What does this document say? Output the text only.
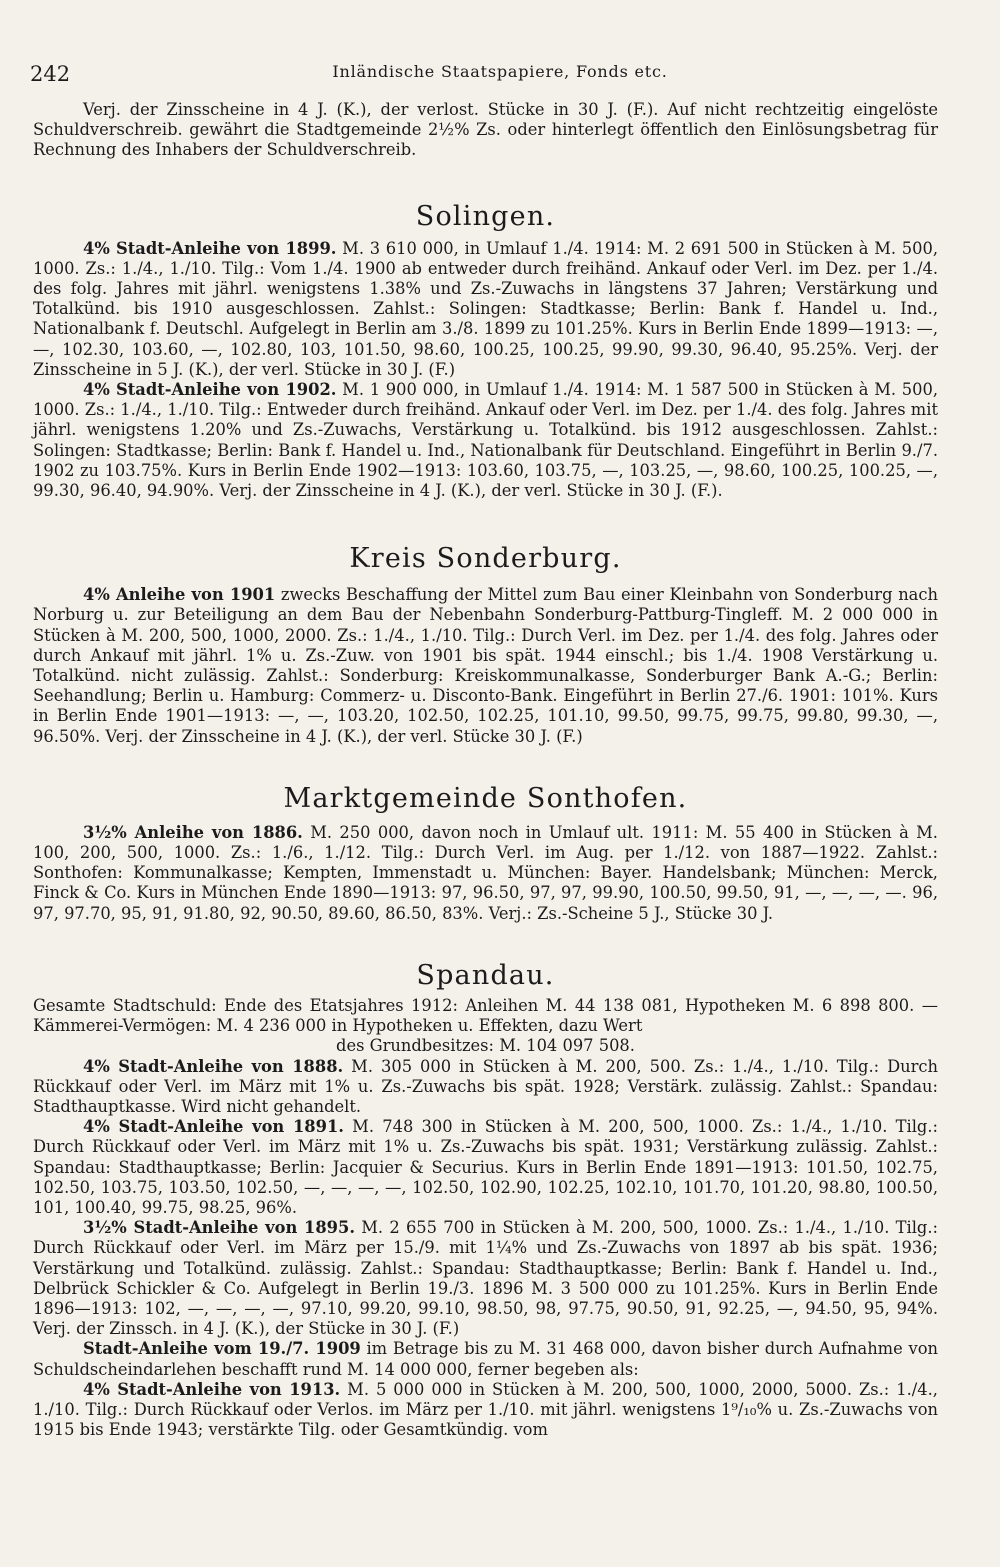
242	Inländische Staatspapiere, Fonds etc.

Verj. der Zinsscheine in 4 J. (K.), der verlost. Stücke in 30 J. (F.). Auf nicht rechtzeitig eingelöste Schuldverschreib. gewährt die Stadtgemeinde 2½% Zs. oder hinterlegt öffentlich den Einlösungsbetrag für Rechnung des Inhabers der Schuldverschreib.

Solingen.

4% Stadt-Anleihe von 1899. M. 3 610 000, in Umlauf 1./4. 1914: M. 2 691 500 in Stücken à M. 500, 1000. Zs.: 1./4., 1./10. Tilg.: Vom 1./4. 1900 ab entweder durch freihänd. Ankauf oder Verl. im Dez. per 1./4. des folg. Jahres mit jährl. wenigstens 1.38% und Zs.-Zuwachs in längstens 37 Jahren; Verstärkung und Totalkünd. bis 1910 ausgeschlossen. Zahlst.: Solingen: Stadtkasse; Berlin: Bank f. Handel u. Ind., Nationalbank f. Deutschl. Aufgelegt in Berlin am 3./8. 1899 zu 101.25%. Kurs in Berlin Ende 1899—1913: —, —, 102.30, 103.60, —, 102.80, 103, 101.50, 98.60, 100.25, 100.25, 99.90, 99.30, 96.40, 95.25%. Verj. der Zinsscheine in 5 J. (K.), der verl. Stücke in 30 J. (F.)

4% Stadt-Anleihe von 1902. M. 1 900 000, in Umlauf 1./4. 1914: M. 1 587 500 in Stücken à M. 500, 1000. Zs.: 1./4., 1./10. Tilg.: Entweder durch freihänd. Ankauf oder Verl. im Dez. per 1./4. des folg. Jahres mit jährl. wenigstens 1.20% und Zs.-Zuwachs, Verstärkung u. Totalkünd. bis 1912 ausgeschlossen. Zahlst.: Solingen: Stadtkasse; Berlin: Bank f. Handel u. Ind., Nationalbank für Deutschland. Eingeführt in Berlin 9./7. 1902 zu 103.75%. Kurs in Berlin Ende 1902—1913: 103.60, 103.75, —, 103.25, —, 98.60, 100.25, 100.25, —, 99.30, 96.40, 94.90%. Verj. der Zinsscheine in 4 J. (K.), der verl. Stücke in 30 J. (F.).

Kreis Sonderburg.

4% Anleihe von 1901 zwecks Beschaffung der Mittel zum Bau einer Kleinbahn von Sonderburg nach Norburg u. zur Beteiligung an dem Bau der Nebenbahn Sonderburg-Pattburg-Tingleff. M. 2 000 000 in Stücken à M. 200, 500, 1000, 2000. Zs.: 1./4., 1./10. Tilg.: Durch Verl. im Dez. per 1./4. des folg. Jahres oder durch Ankauf mit jährl. 1% u. Zs.-Zuw. von 1901 bis spät. 1944 einschl.; bis 1./4. 1908 Verstärkung u. Totalkünd. nicht zulässig. Zahlst.: Sonderburg: Kreiskommunalkasse, Sonderburger Bank A.-G.; Berlin: Seehandlung; Berlin u. Hamburg: Commerz- u. Disconto-Bank. Eingeführt in Berlin 27./6. 1901: 101%. Kurs in Berlin Ende 1901—1913: —, —, 103.20, 102.50, 102.25, 101.10, 99.50, 99.75, 99.75, 99.80, 99.30, —, 96.50%. Verj. der Zinsscheine in 4 J. (K.), der verl. Stücke 30 J. (F.)

Marktgemeinde Sonthofen.

3½% Anleihe von 1886. M. 250 000, davon noch in Umlauf ult. 1911: M. 55 400 in Stücken à M. 100, 200, 500, 1000. Zs.: 1./6., 1./12. Tilg.: Durch Verl. im Aug. per 1./12. von 1887—1922. Zahlst.: Sonthofen: Kommunalkasse; Kempten, Immenstadt u. München: Bayer. Handelsbank; München: Merck, Finck & Co. Kurs in München Ende 1890—1913: 97, 96.50, 97, 97, 99.90, 100.50, 99.50, 91, —, —, —, —. 96, 97, 97.70, 95, 91, 91.80, 92, 90.50, 89.60, 86.50, 83%. Verj.: Zs.-Scheine 5 J., Stücke 30 J.

Spandau.

Gesamte Stadtschuld: Ende des Etatsjahres 1912: Anleihen M. 44 138 081, Hypotheken M. 6 898 800. — Kämmerei-Vermögen: M. 4 236 000 in Hypotheken u. Effekten, dazu Wert

des Grundbesitzes: M. 104 097 508.

4% Stadt-Anleihe von 1888. M. 305 000 in Stücken à M. 200, 500. Zs.: 1./4., 1./10. Tilg.: Durch Rückkauf oder Verl. im März mit 1% u. Zs.-Zuwachs bis spät. 1928; Verstärk. zulässig. Zahlst.: Spandau: Stadthauptkasse. Wird nicht gehandelt.

4% Stadt-Anleihe von 1891. M. 748 300 in Stücken à M. 200, 500, 1000. Zs.: 1./4., 1./10. Tilg.: Durch Rückkauf oder Verl. im März mit 1% u. Zs.-Zuwachs bis spät. 1931; Verstärkung zulässig. Zahlst.: Spandau: Stadthauptkasse; Berlin: Jacquier & Securius. Kurs in Berlin Ende 1891—1913: 101.50, 102.75, 102.50, 103.75, 103.50, 102.50, —, —, —, —, 102.50, 102.90, 102.25, 102.10, 101.70, 101.20, 98.80, 100.50, 101, 100.40, 99.75, 98.25, 96%.

3½% Stadt-Anleihe von 1895. M. 2 655 700 in Stücken à M. 200, 500, 1000. Zs.: 1./4., 1./10. Tilg.: Durch Rückkauf oder Verl. im März per 15./9. mit 1¼% und Zs.-Zuwachs von 1897 ab bis spät. 1936; Verstärkung und Totalkünd. zulässig. Zahlst.: Spandau: Stadthauptkasse; Berlin: Bank f. Handel u. Ind., Delbrück Schickler & Co. Aufgelegt in Berlin 19./3. 1896 M. 3 500 000 zu 101.25%. Kurs in Berlin Ende 1896—1913: 102, —, —, —, —, 97.10, 99.20, 99.10, 98.50, 98, 97.75, 90.50, 91, 92.25, —, 94.50, 95, 94%. Verj. der Zinssch. in 4 J. (K.), der Stücke in 30 J. (F.)

Stadt-Anleihe vom 19./7. 1909 im Betrage bis zu M. 31 468 000, davon bisher durch Aufnahme von Schuldscheindarlehen beschafft rund M. 14 000 000, ferner begeben als:

4% Stadt-Anleihe von 1913. M. 5 000 000 in Stücken à M. 200, 500, 1000, 2000, 5000. Zs.: 1./4., 1./10. Tilg.: Durch Rückkauf oder Verlos. im März per 1./10. mit jährl. wenigstens 1⁹/₁₀% u. Zs.-Zuwachs von 1915 bis Ende 1943; verstärkte Tilg. oder Gesamtkündig. vom
